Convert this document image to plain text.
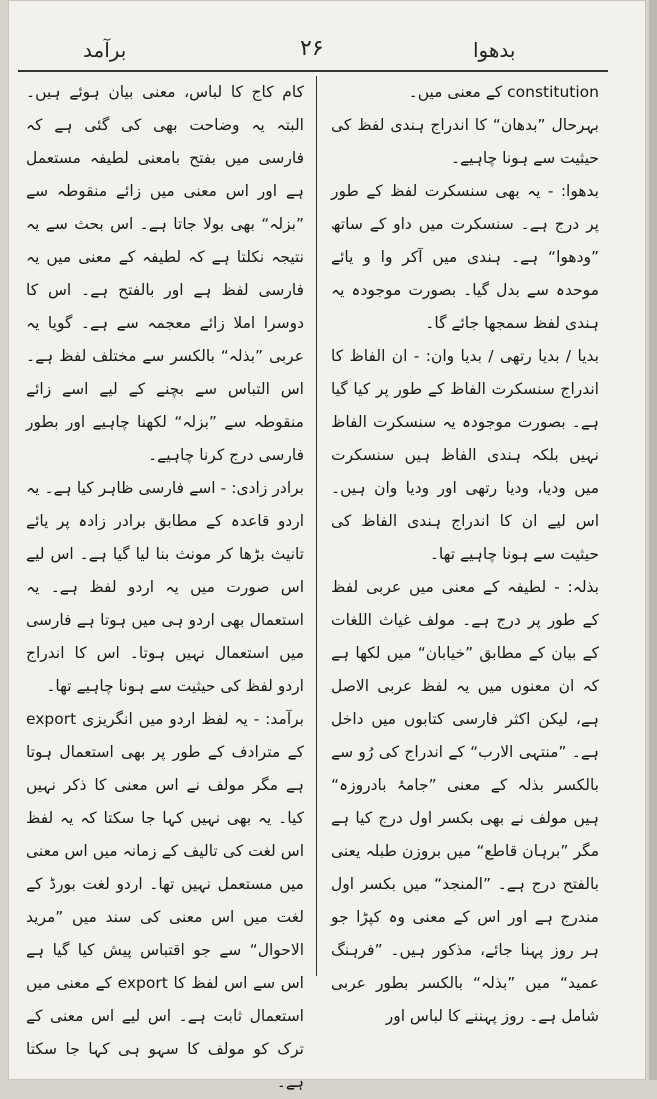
برآمد	۲۶	بدھوا

constitution کے معنی میں۔

بہرحال ”بدھان“ کا اندراج ہندی لفظ کی حیثیت سے ہونا چاہیے۔

بدھوا: - یہ بھی سنسکرت لفظ کے طور پر درج ہے۔ سنسکرت میں داو کے ساتھ ”ودھوا“ ہے۔ ہندی میں آکر وا و یائے موحدہ سے بدل گیا۔ بصورت موجودہ یہ ہندی لفظ سمجھا جائے گا۔

بدیا / بدیا رتھی / بدیا وان: - ان الفاظ کا اندراج سنسکرت الفاظ کے طور پر کیا گیا ہے۔ بصورت موجودہ یہ سنسکرت الفاظ نہیں بلکہ ہندی الفاظ ہیں سنسکرت میں ودیا، ودیا رتھی اور ودیا وان ہیں۔ اس لیے ان کا اندراج ہندی الفاظ کی حیثیت سے ہونا چاہیے تھا۔

بذلہ: - لطیفہ کے معنی میں عربی لفظ کے طور پر درج ہے۔ مولف غیاث اللغات کے بیان کے مطابق ”خیابان“ میں لکھا ہے کہ ان معنوں میں یہ لفظ عربی الاصل ہے، لیکن اکثر فارسی کتابوں میں داخل ہے۔ ”منتہی الارب“ کے اندراج کی رُو سے بالکسر بذلہ کے معنی ”جامۂ بادروزہ“ ہیں مولف نے بھی بکسر اول درج کیا ہے مگر ”برہان قاطع“ میں بروزن طبلہ یعنی بالفتح درج ہے۔ ”المنجد“ میں بکسر اول مندرج ہے اور اس کے معنی وہ کپڑا جو ہر روز پہنا جائے، مذکور ہیں۔ ”فرہنگ عمید“ میں ”بذلہ“ بالکسر بطور عربی شامل ہے۔ روز پہننے کا لباس اور

کام کاج کا لباس، معنی بیان ہوئے ہیں۔ البتہ یہ وضاحت بھی کی گئی ہے کہ فارسی میں بفتح بامعنی لطیفہ مستعمل ہے اور اس معنی میں زائے منقوطہ سے ”بزلہ“ بھی بولا جاتا ہے۔ اس بحث سے یہ نتیجہ نکلتا ہے کہ لطیفہ کے معنی میں یہ فارسی لفظ ہے اور بالفتح ہے۔ اس کا دوسرا املا زائے معجمہ سے ہے۔ گویا یہ عربی ”بذلہ“ بالکسر سے مختلف لفظ ہے۔ اس التباس سے بچنے کے لیے اسے زائے منقوطہ سے ”بزلہ“ لکھنا چاہیے اور بطور فارسی درج کرنا چاہیے۔

برادر زادی: - اسے فارسی ظاہر کیا ہے۔ یہ اردو قاعدہ کے مطابق برادر زادہ پر یائے تانیث بڑھا کر مونث بنا لیا گیا ہے۔ اس لیے اس صورت میں یہ اردو لفظ ہے۔ یہ استعمال بھی اردو ہی میں ہوتا ہے فارسی میں استعمال نہیں ہوتا۔ اس کا اندراج اردو لفظ کی حیثیت سے ہونا چاہیے تھا۔

برآمد: - یہ لفظ اردو میں انگریزی export کے مترادف کے طور پر بھی استعمال ہوتا ہے مگر مولف نے اس معنی کا ذکر نہیں کیا۔ یہ بھی نہیں کہا جا سکتا کہ یہ لفظ اس لغت کی تالیف کے زمانہ میں اس معنی میں مستعمل نہیں تھا۔ اردو لغت بورڈ کے لغت میں اس معنی کی سند میں ”مرید الاحوال“ سے جو اقتباس پیش کیا گیا ہے اس سے اس لفظ کا export کے معنی میں استعمال ثابت ہے۔ اس لیے اس معنی کے ترک کو مولف کا سہو ہی کہا جا سکتا ہے۔
